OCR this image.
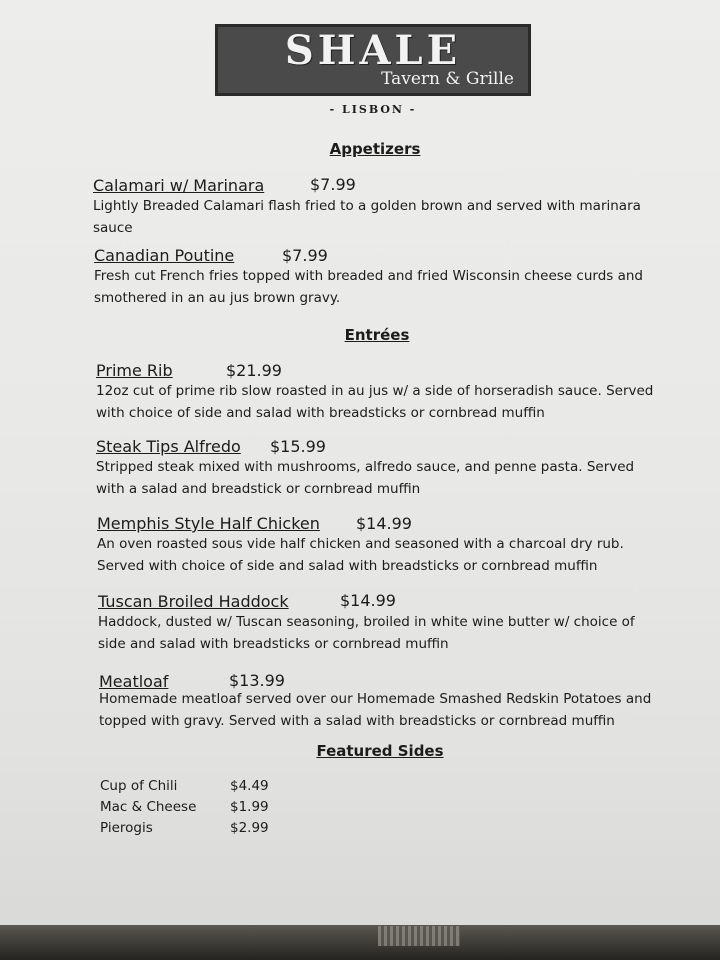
SHALE
Tavern & Grille
- LISBON -
Appetizers
Calamari w/ Marinara	$7.99
Lightly Breaded Calamari flash fried to a golden brown and served with marinara
sauce
Canadian Poutine	$7.99
Fresh cut French fries topped with breaded and fried Wisconsin cheese curds and
smothered in an au jus brown gravy.
Entrées
Prime Rib	$21.99
12oz cut of prime rib slow roasted in au jus w/ a side of horseradish sauce. Served
with choice of side and salad with breadsticks or cornbread muffin
Steak Tips Alfredo $15.99
Stripped steak mixed with mushrooms, alfredo sauce, and penne pasta. Served
with a salad and breadstick or cornbread muffin
Memphis Style Half Chicken $14.99
An oven roasted sous vide half chicken and seasoned with a charcoal dry rub.
Served with choice of side and salad with breadsticks or cornbread muffin
Tuscan Broiled Haddock	$14.99
Haddock, dusted w/ Tuscan seasoning, broiled in white wine butter w/ choice of
side and salad with breadsticks or cornbread muffin
Meatloaf	$13.99
Homemade meatloaf served over our Homemade Smashed Redskin Potatoes and
topped with gravy. Served with a salad with breadsticks or cornbread muffin
Featured Sides
Cup of Chili	$4.49
Mac & Cheese $1.99
Pierogis	$2.99
